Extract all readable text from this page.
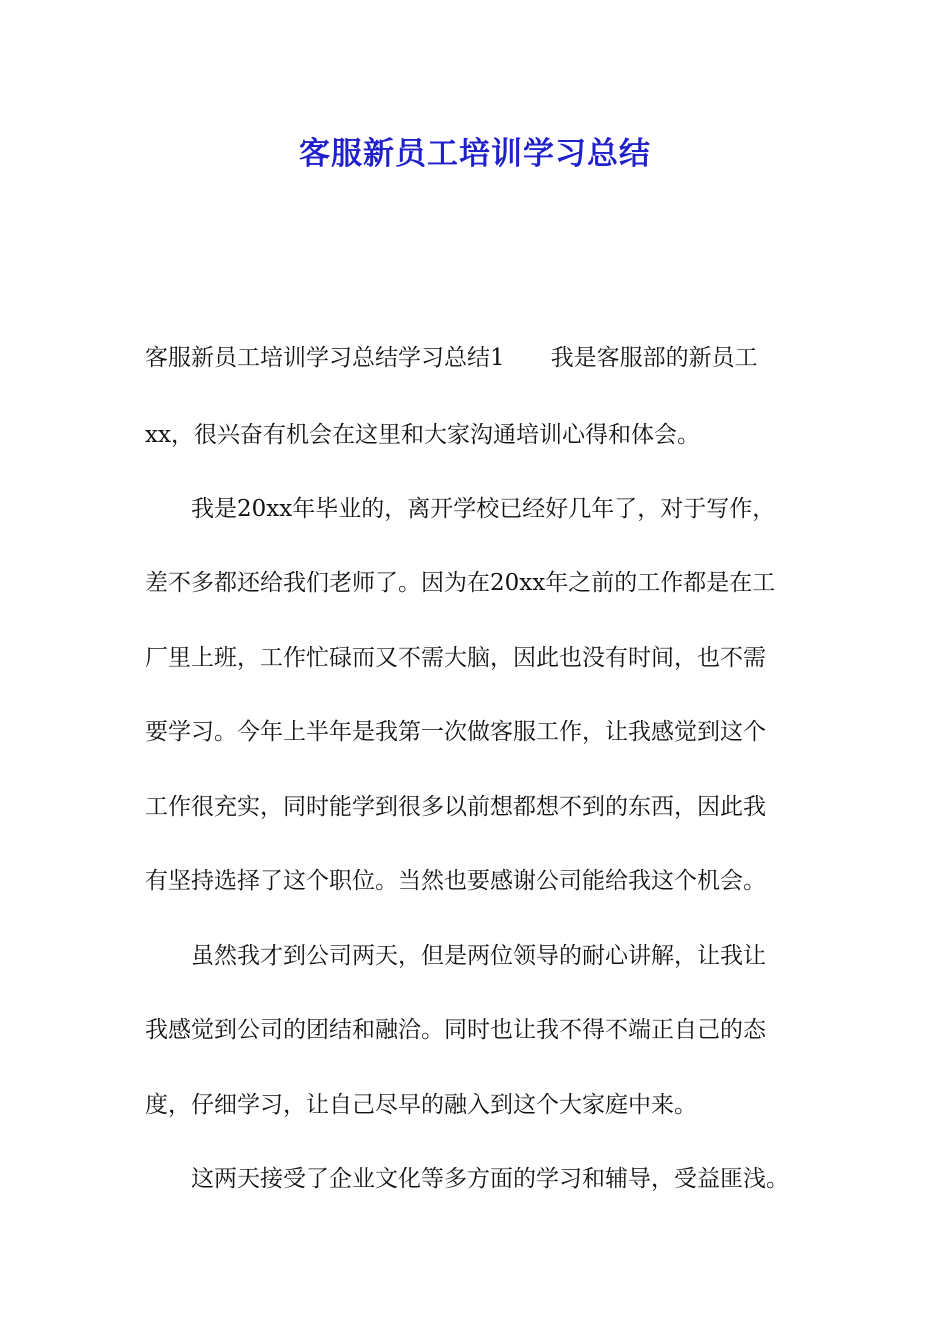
客服新员工培训学习总结

客服新员工培训学习总结学习总结1　　我是客服部的新员工

xx，很兴奋有机会在这里和大家沟通培训心得和体会。

　　我是20xx年毕业的，离开学校已经好几年了，对于写作，

差不多都还给我们老师了。因为在20xx年之前的工作都是在工

厂里上班，工作忙碌而又不需大脑，因此也没有时间，也不需

要学习。今年上半年是我第一次做客服工作，让我感觉到这个

工作很充实，同时能学到很多以前想都想不到的东西，因此我

有坚持选择了这个职位。当然也要感谢公司能给我这个机会。

　　虽然我才到公司两天，但是两位领导的耐心讲解，让我让

我感觉到公司的团结和融洽。同时也让我不得不端正自己的态

度，仔细学习，让自己尽早的融入到这个大家庭中来。

　　这两天接受了企业文化等多方面的学习和辅导，受益匪浅。
